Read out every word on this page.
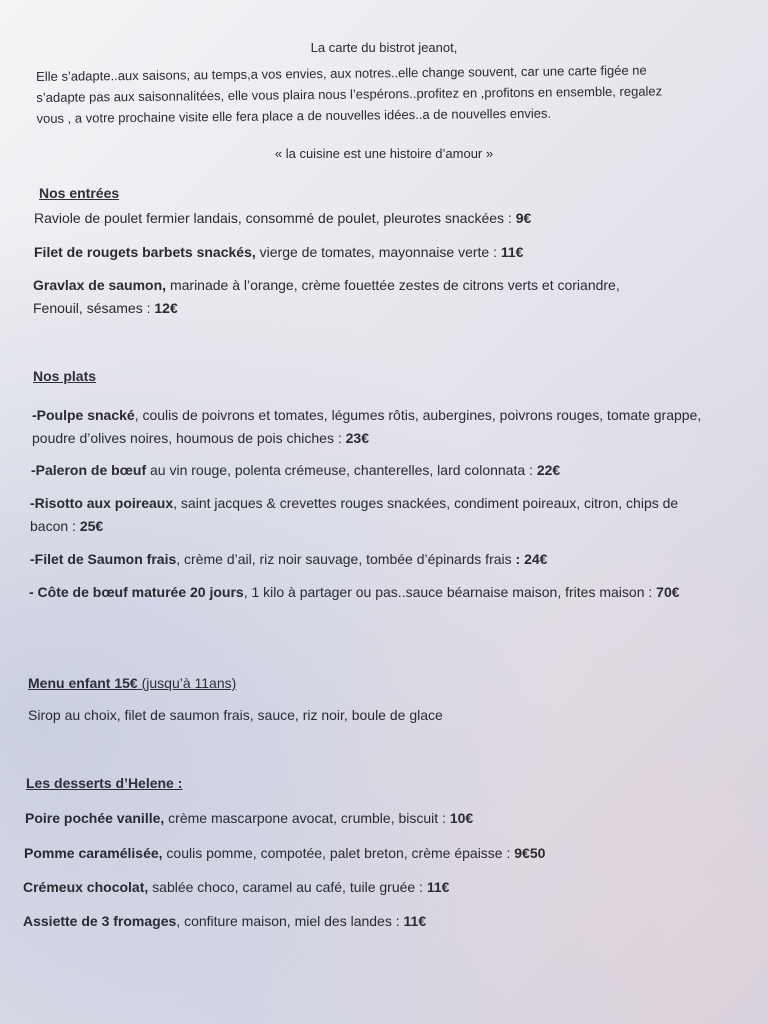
La carte du bistrot jeanot,
Elle s’adapte..aux saisons, au temps,a vos envies, aux notres..elle change souvent, car une carte figée ne s’adapte pas aux saisonnalitées, elle vous plaira nous l’espérons..profitez en ,profitons en ensemble, regalez vous , a votre prochaine visite elle fera place a de nouvelles idées..a de nouvelles envies.
« la cuisine est une histoire d’amour »
Nos entrées
Raviole de poulet fermier landais, consommé de poulet, pleurotes snackées : 9€
Filet de rougets barbets snackés, vierge de tomates, mayonnaise verte : 11€
Gravlax de saumon, marinade à l’orange, crème fouettée zestes de citrons verts et coriandre, Fenouil, sésames : 12€
Nos plats
-Poulpe snacké, coulis de poivrons et tomates, légumes rôtis, aubergines, poivrons rouges, tomate grappe, poudre d’olives noires, houmous de pois chiches : 23€
-Paleron de bœuf au vin rouge, polenta crémeuse, chanterelles, lard colonnata : 22€
-Risotto aux poireaux, saint jacques & crevettes rouges snackées, condiment poireaux, citron, chips de bacon : 25€
-Filet de Saumon frais, crème d’ail, riz noir sauvage, tombée d’épinards frais : 24€
- Côte de bœuf maturée 20 jours, 1 kilo à partager ou pas..sauce béarnaise maison, frites maison : 70€
Menu enfant 15€ (jusqu’à 11ans)
Sirop au choix, filet de saumon frais, sauce, riz noir, boule de glace
Les desserts d’Helene :
Poire pochée vanille, crème mascarpone avocat, crumble, biscuit : 10€
Pomme caramélisée, coulis pomme, compotée, palet breton, crème épaisse : 9€50
Crémeux chocolat, sablée choco, caramel au café, tuile gruée : 11€
Assiette de 3 fromages, confiture maison, miel des landes : 11€
